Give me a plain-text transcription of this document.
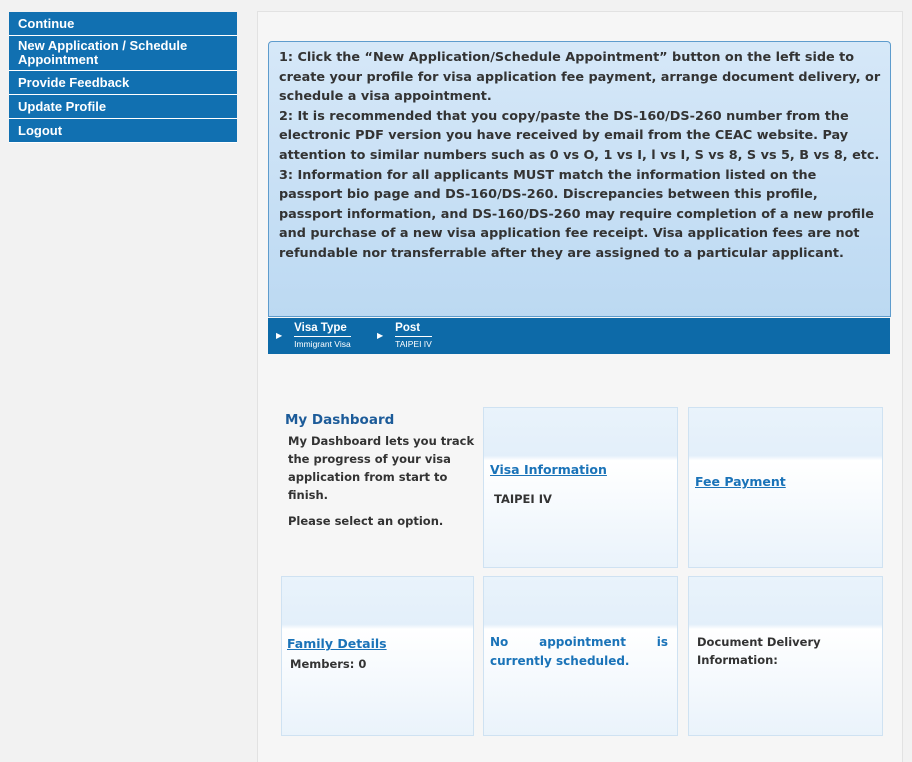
Continue
New Application / Schedule Appointment
Provide Feedback
Update Profile
Logout

1: Click the “New Application/Schedule Appointment” button on the left side to create your profile for visa application fee payment, arrange document delivery, or schedule a visa appointment.

2: It is recommended that you copy/paste the DS-160/DS-260 number from the electronic PDF version you have received by email from the CEAC website. Pay attention to similar numbers such as 0 vs O, 1 vs I, l vs I, S vs 8, S vs 5, B vs 8, etc.

3: Information for all applicants MUST match the information listed on the passport bio page and DS-160/DS-260. Discrepancies between this profile, passport information, and DS-160/DS-260 may require completion of a new profile and purchase of a new visa application fee receipt. Visa application fees are not refundable nor transferrable after they are assigned to a particular applicant.

▶
Visa Type
Immigrant Visa
▶
Post
TAIPEI IV
My Dashboard

My Dashboard lets you track the progress of your visa application from start to finish.

Please select an option.

Visa Information
TAIPEI IV
Fee Payment
Family Details
Members: 0
No appointment is currently scheduled.
Document Delivery Information:
